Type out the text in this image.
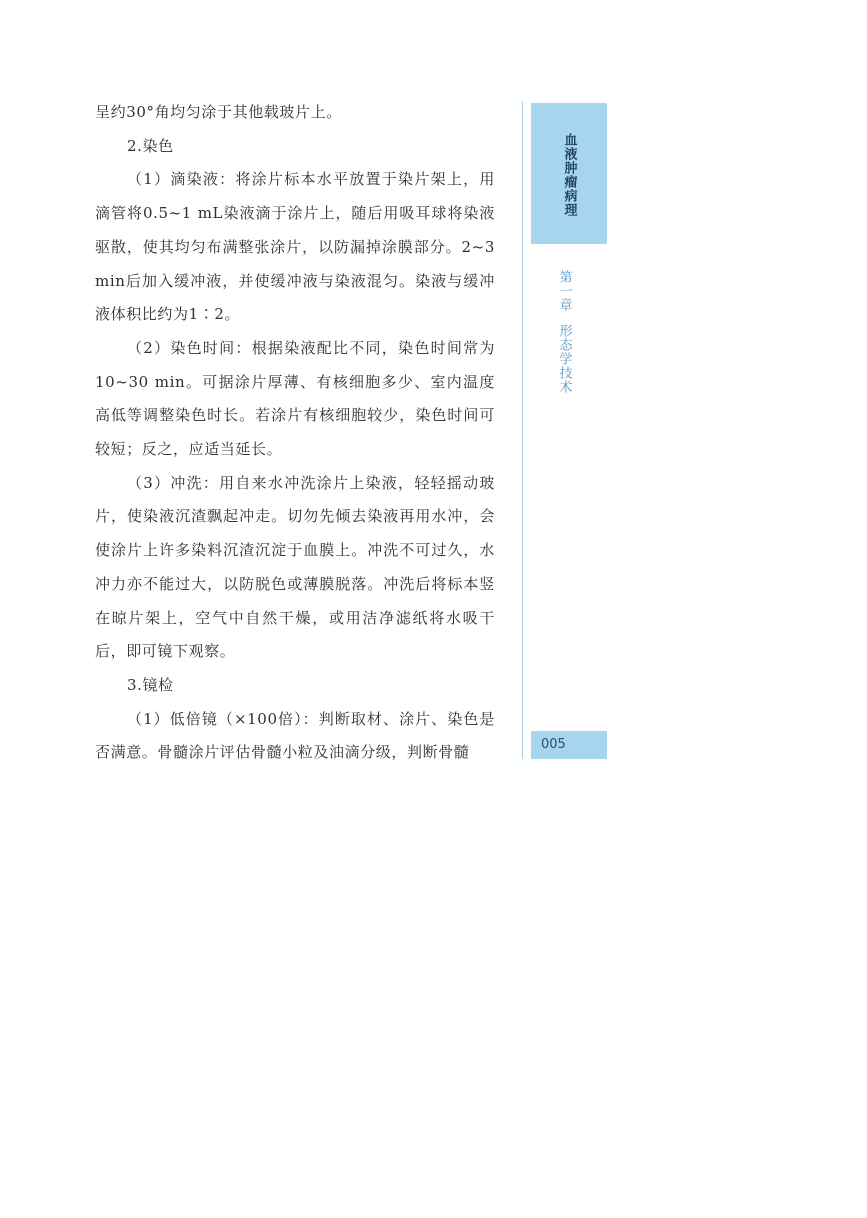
呈约30°角均匀涂于其他载玻片上。

2.染色

（1）滴染液：将涂片标本水平放置于染片架上，用滴管将0.5~1 mL染液滴于涂片上，随后用吸耳球将染液驱散，使其均匀布满整张涂片，以防漏掉涂膜部分。2~3 min后加入缓冲液，并使缓冲液与染液混匀。染液与缓冲液体积比约为1∶2。

（2）染色时间：根据染液配比不同，染色时间常为10~30 min。可据涂片厚薄、有核细胞多少、室内温度高低等调整染色时长。若涂片有核细胞较少，染色时间可较短；反之，应适当延长。

（3）冲洗：用自来水冲洗涂片上染液，轻轻摇动玻片，使染液沉渣飘起冲走。切勿先倾去染液再用水冲，会使涂片上许多染料沉渣沉淀于血膜上。冲洗不可过久，水冲力亦不能过大，以防脱色或薄膜脱落。冲洗后将标本竖在晾片架上，空气中自然干燥，或用洁净滤纸将水吸干后，即可镜下观察。

3.镜检

（1）低倍镜（×100倍）：判断取材、涂片、染色是否满意。骨髓涂片评估骨髓小粒及油滴分级，判断骨髓

血液肿瘤病理
第一章
形态学技术
005
